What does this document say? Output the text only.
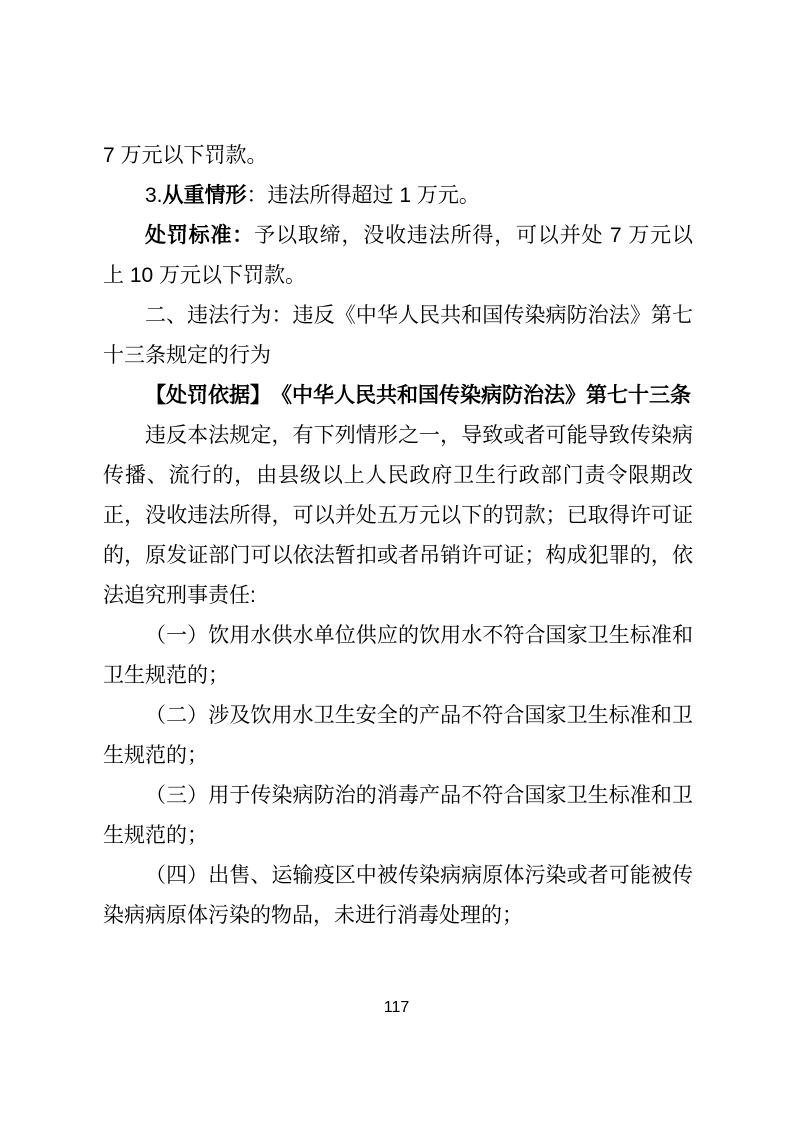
7 万元以下罚款。

3.从重情形：违法所得超过 1 万元。

处罚标准：予以取缔，没收违法所得，可以并处 7 万元以上 10 万元以下罚款。

二、违法行为：违反《中华人民共和国传染病防治法》第七十三条规定的行为

【处罚依据】　《中华人民共和国传染病防治法》第七十三条

违反本法规定，有下列情形之一，导致或者可能导致传染病传播、流行的，由县级以上人民政府卫生行政部门责令限期改正，没收违法所得，可以并处五万元以下的罚款；已取得许可证的，原发证部门可以依法暂扣或者吊销许可证；构成犯罪的，依法追究刑事责任:

（一）饮用水供水单位供应的饮用水不符合国家卫生标准和卫生规范的；

（二）涉及饮用水卫生安全的产品不符合国家卫生标准和卫生规范的；

（三）用于传染病防治的消毒产品不符合国家卫生标准和卫生规范的；

（四）出售、运输疫区中被传染病病原体污染或者可能被传染病病原体污染的物品，未进行消毒处理的；

117
